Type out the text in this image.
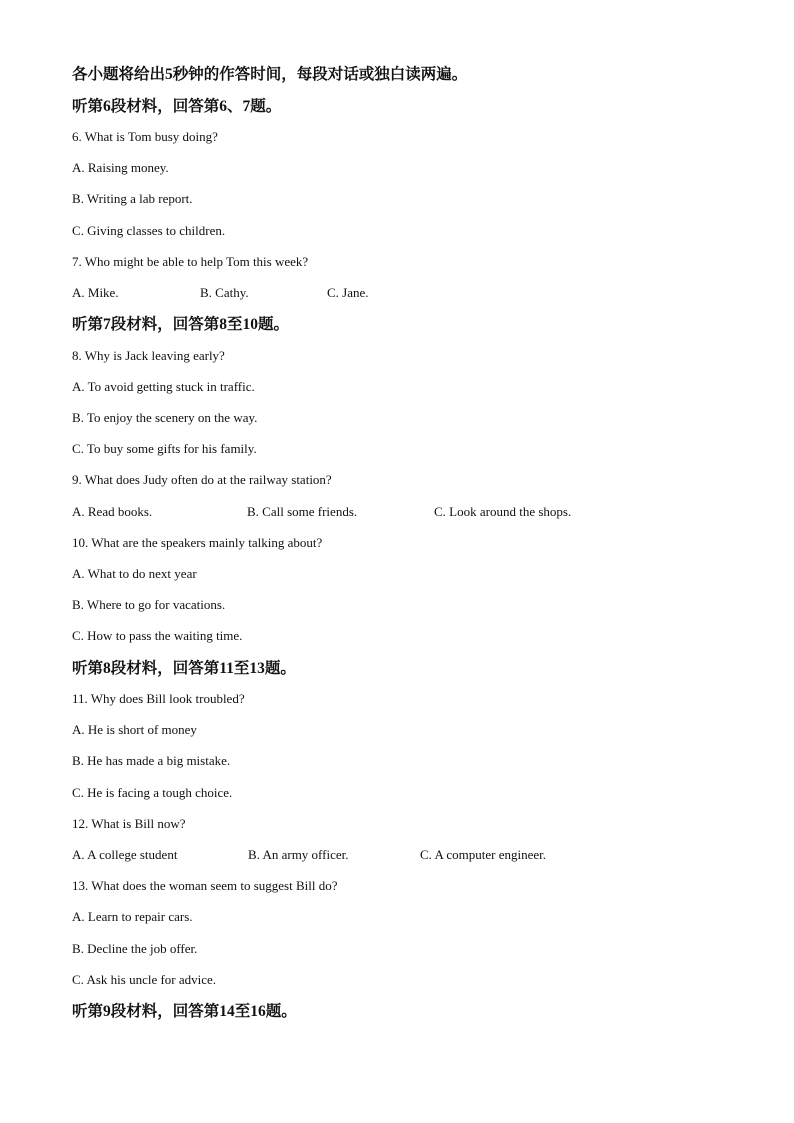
各小题将给出5秒钟的作答时间，每段对话或独白读两遍。
听第6段材料，回答第6、7题。
6. What is Tom busy doing?
A. Raising money.
B. Writing a lab report.
C. Giving classes to children.
7. Who might be able to help Tom this week?
A. Mike.	B. Cathy.	C. Jane.
听第7段材料，回答第8至10题。
8. Why is Jack leaving early?
A. To avoid getting stuck in traffic.
B. To enjoy the scenery on the way.
C. To buy some gifts for his family.
9. What does Judy often do at the railway station?
A. Read books.	B. Call some friends.	C. Look around the shops.
10. What are the speakers mainly talking about?
A. What to do next year
B. Where to go for vacations.
C. How to pass the waiting time.
听第8段材料，回答第11至13题。
11. Why does Bill look troubled?
A. He is short of money
B. He has made a big mistake.
C. He is facing a tough choice.
12. What is Bill now?
A. A college student	B. An army officer.	C. A computer engineer.
13. What does the woman seem to suggest Bill do?
A. Learn to repair cars.
B. Decline the job offer.
C. Ask his uncle for advice.
听第9段材料，回答第14至16题。
